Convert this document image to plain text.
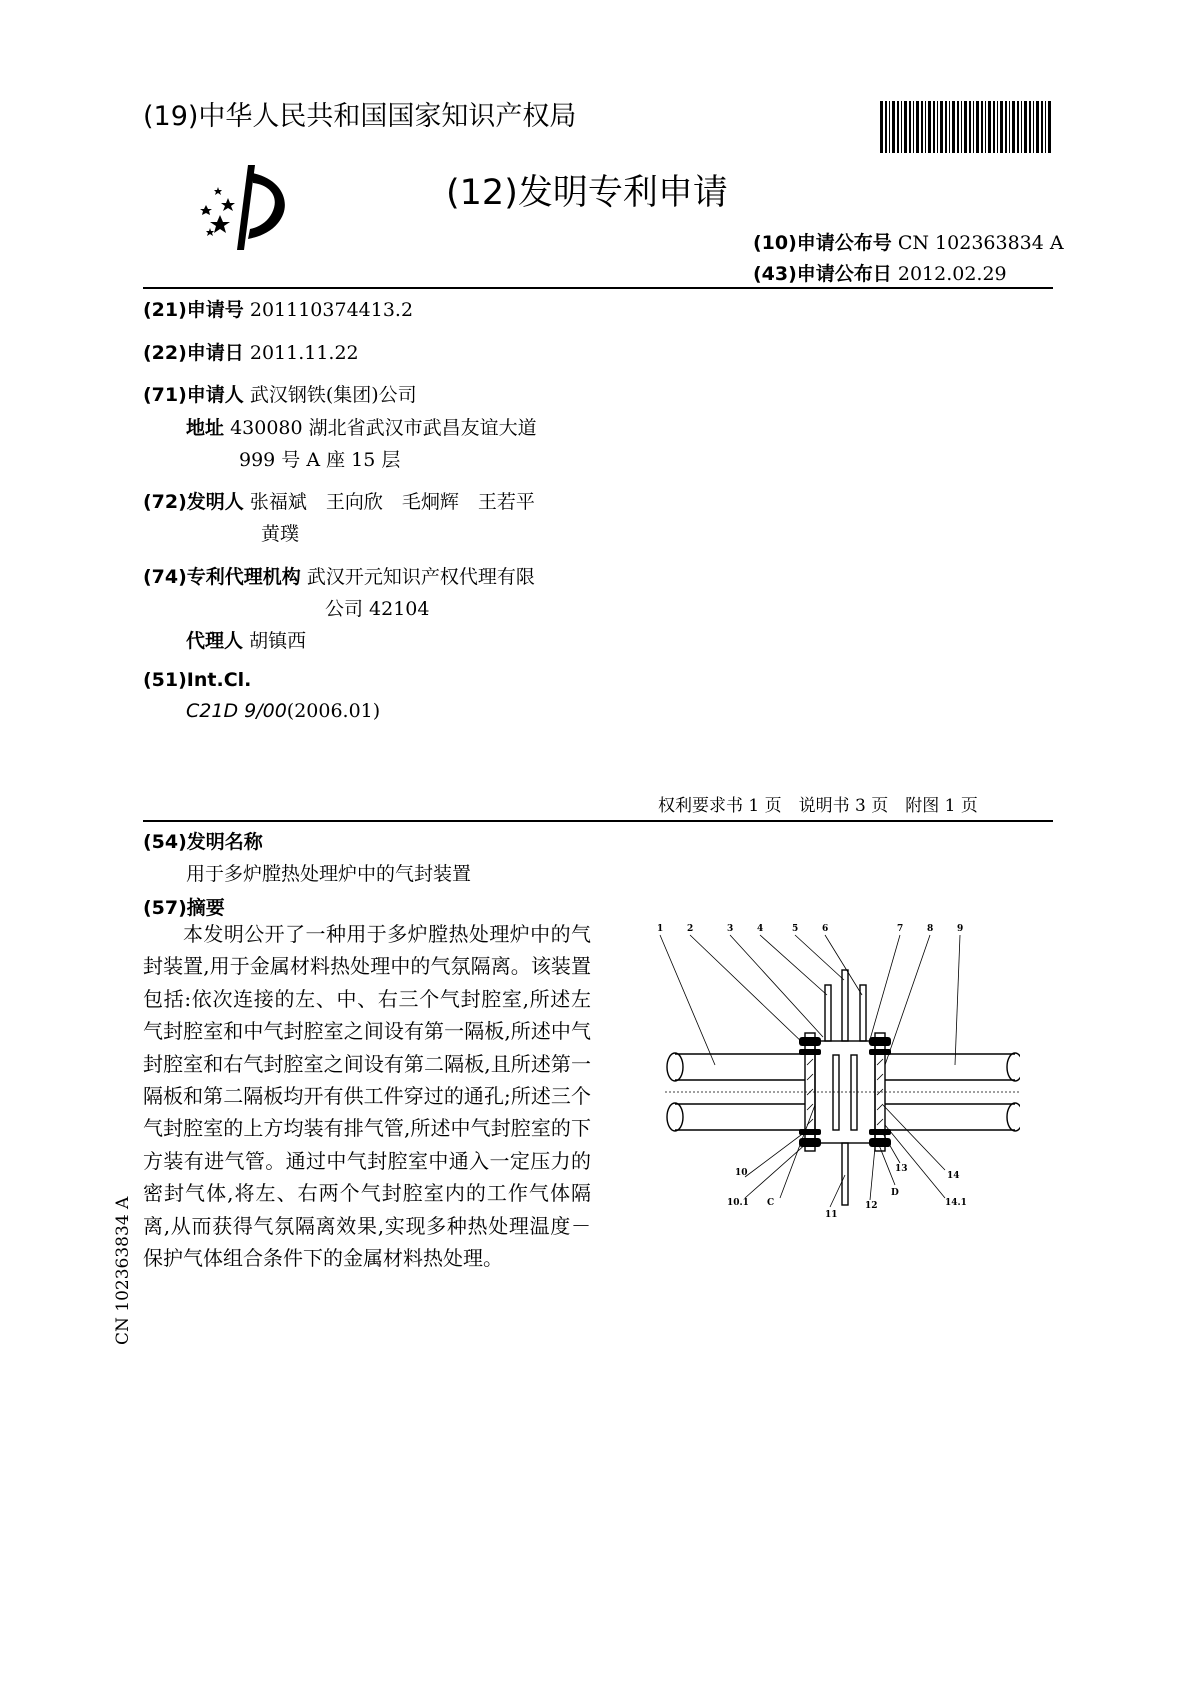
(19)中华人民共和国国家知识产权局
(12)发明专利申请
(10)申请公布号 CN 102363834 A
(43)申请公布日 2012.02.29
(21)申请号 201110374413.2
(22)申请日 2011.11.22
(71)申请人 武汉钢铁(集团)公司
地址 430080 湖北省武汉市武昌友谊大道
999 号 A 座 15 层
(72)发明人 张福斌　王向欣　毛炯辉　王若平
黄璞
(74)专利代理机构 武汉开元知识产权代理有限
公司 42104
代理人 胡镇西
(51)Int.Cl.
C21D 9/00(2006.01)
权利要求书 1 页　说明书 3 页　附图 1 页
(54)发明名称
用于多炉膛热处理炉中的气封装置
(57)摘要

本发明公开了一种用于多炉膛热处理炉中的气封装置,用于金属材料热处理中的气氛隔离。该装置包括:依次连接的左、中、右三个气封腔室,所述左气封腔室和中气封腔室之间设有第一隔板,所述中气封腔室和右气封腔室之间设有第二隔板,且所述第一隔板和第二隔板均开有供工件穿过的通孔;所述三个气封腔室的上方均装有排气管,所述中气封腔室的下方装有进气管。通过中气封腔室中通入一定压力的密封气体,将左、右两个气封腔室内的工作气体隔离,从而获得气氛隔离效果,实现多种热处理温度－保护气体组合条件下的金属材料热处理。

1	2	3	4	5	6	7	8	9
10
10.1 C
11
12
D
13
14
14.1
CN 102363834 A
